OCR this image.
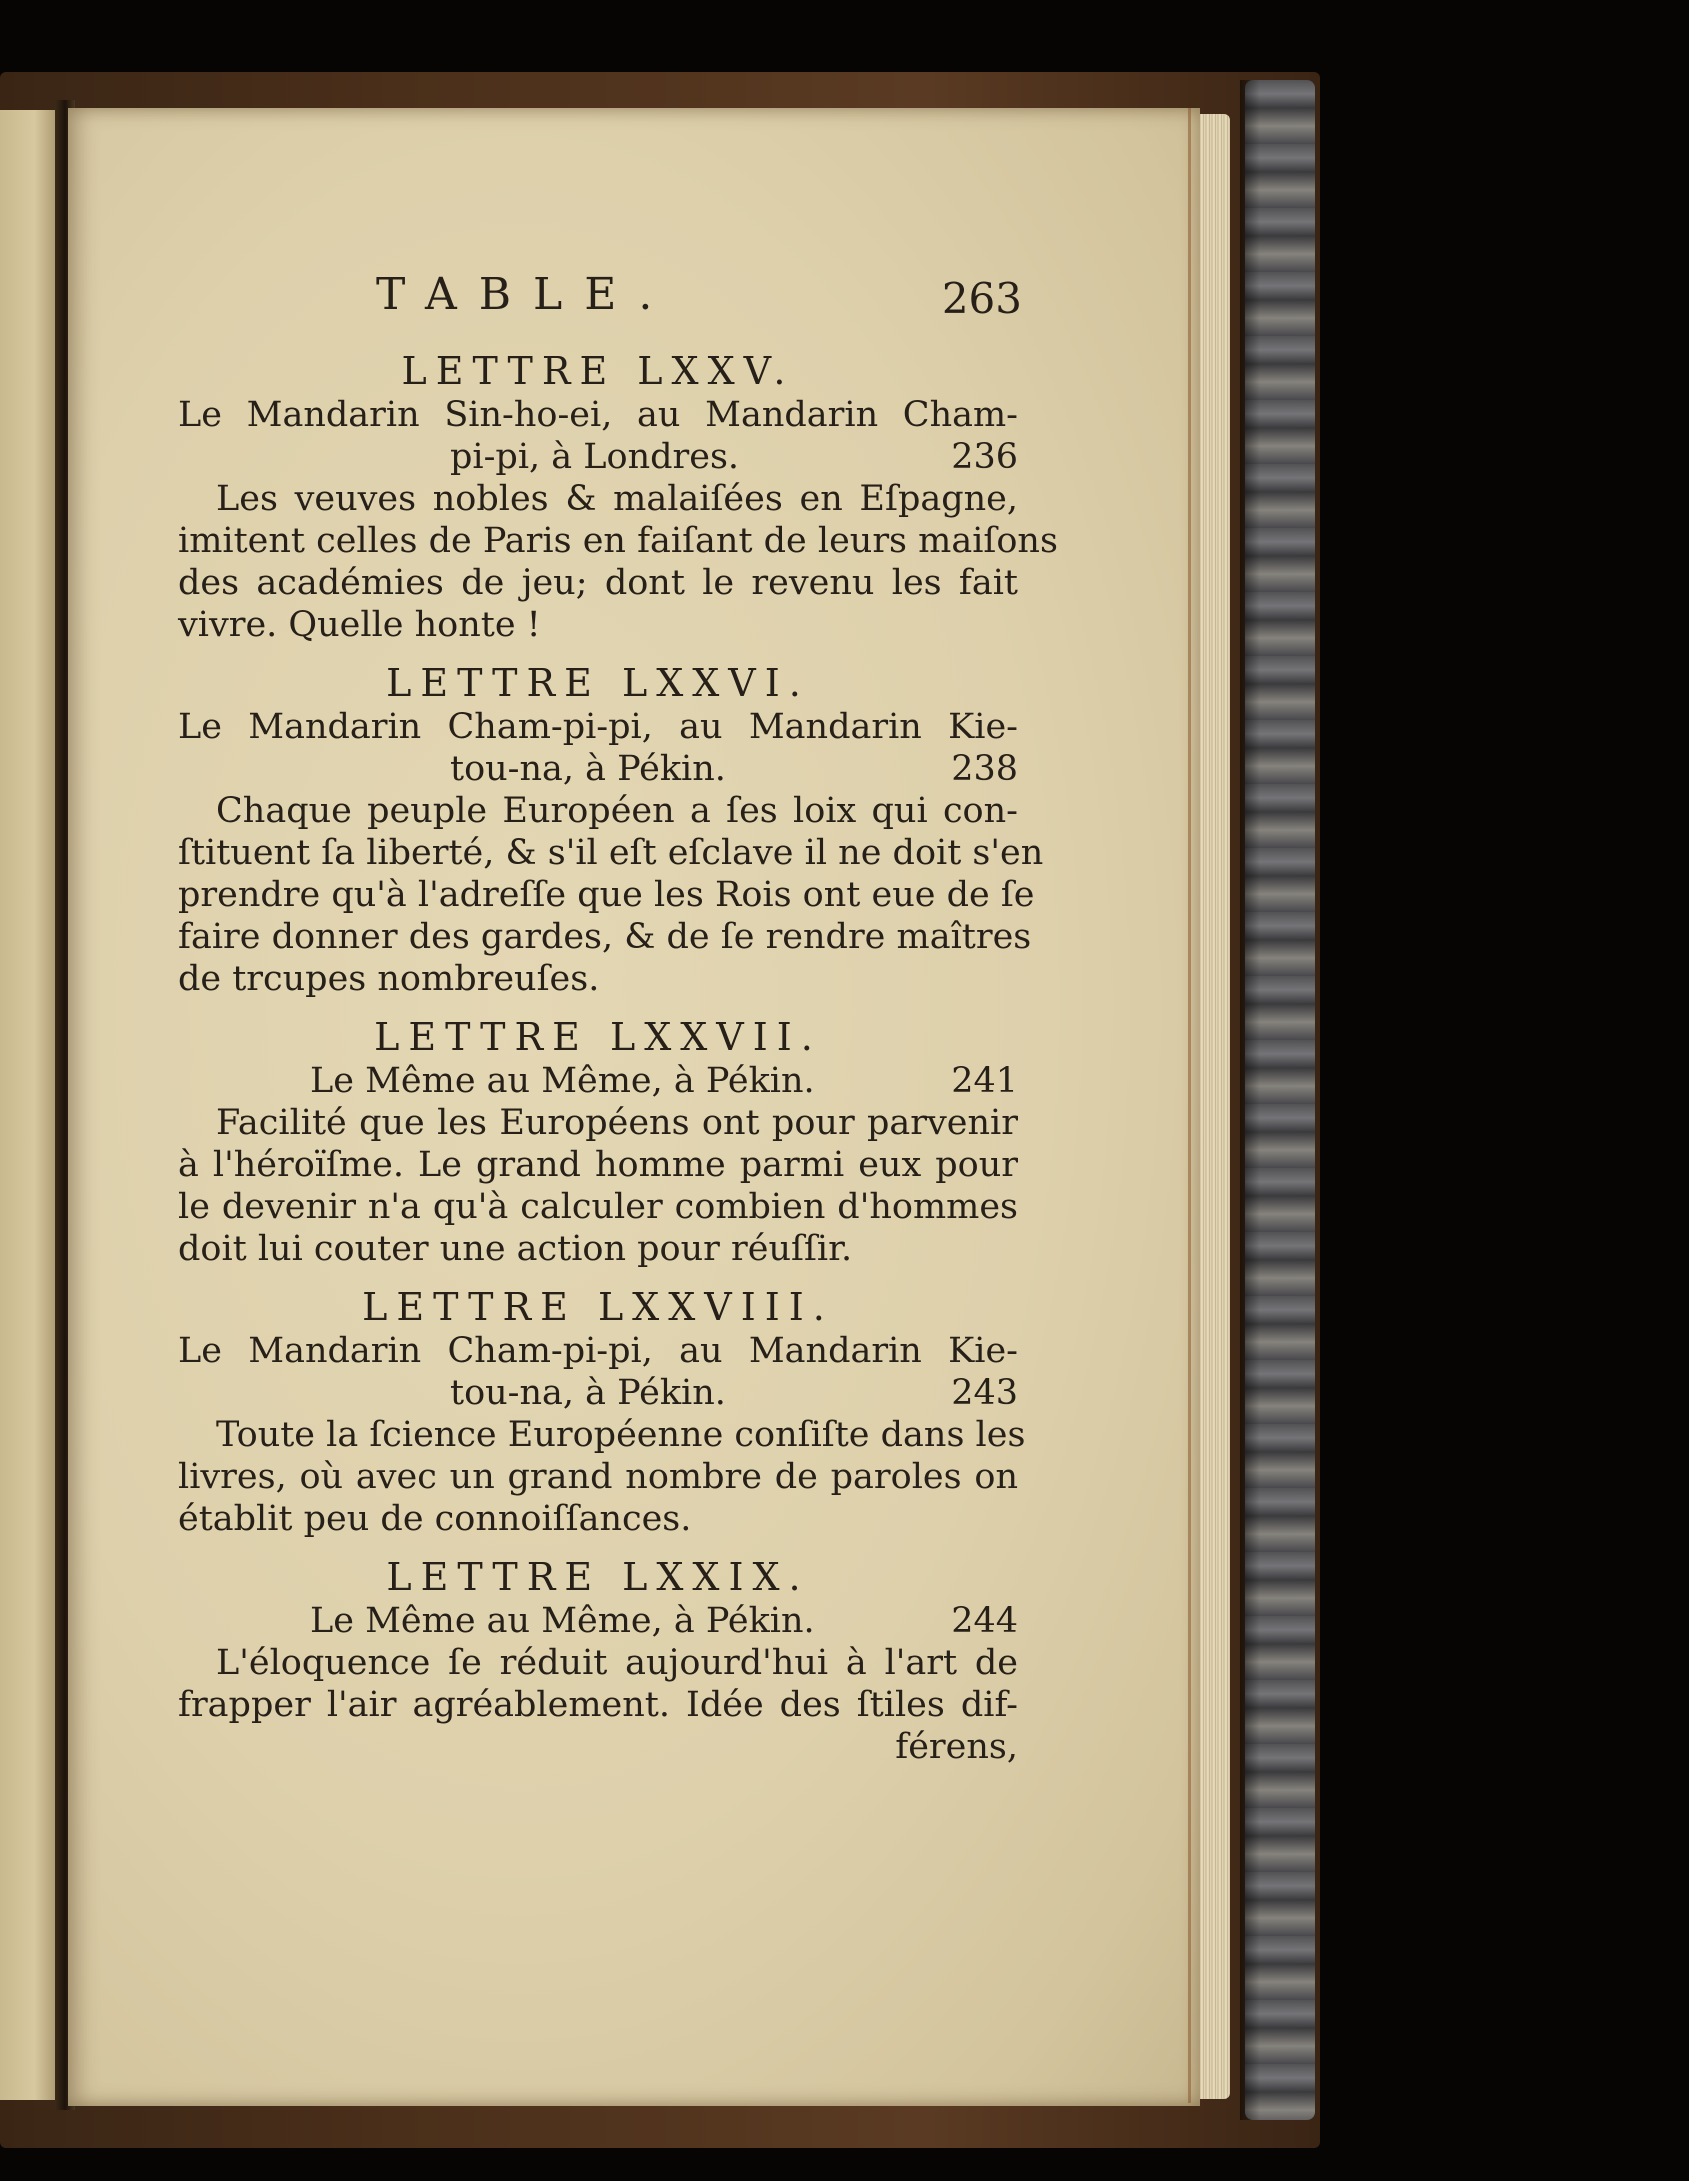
TABLE.	263
LETTRE LXXV.
Le Mandarin Sin-ho-ei, au Mandarin Cham-
pi-pi, à Londres.	236
Les veuves nobles & malaiſées en Eſpagne,
imitent celles de Paris en faiſant de leurs maiſons
des académies de jeu; dont le revenu les fait
vivre. Quelle honte !
LETTRE LXXVI.
Le Mandarin Cham-pi-pi, au Mandarin Kie-
tou-na, à Pékin.	238
Chaque peuple Européen a ſes loix qui con-
ſtituent ſa liberté, & s'il eſt eſclave il ne doit s'en
prendre qu'à l'adreſſe que les Rois ont eue de ſe
faire donner des gardes, & de ſe rendre maîtres
de trcupes nombreuſes.
LETTRE LXXVII.
Le Même au Même, à Pékin.	241
Facilité que les Européens ont pour parvenir
à l'héroïſme. Le grand homme parmi eux pour
le devenir n'a qu'à calculer combien d'hommes
doit lui couter une action pour réuſſir.
LETTRE LXXVIII.
Le Mandarin Cham-pi-pi, au Mandarin Kie-
tou-na, à Pékin.	243
Toute la ſcience Européenne conſiſte dans les
livres, où avec un grand nombre de paroles on
établit peu de connoiſſances.
LETTRE LXXIX.
Le Même au Même, à Pékin.	244
L'éloquence ſe réduit aujourd'hui à l'art de
frapper l'air agréablement. Idée des ſtiles dif-
férens,
